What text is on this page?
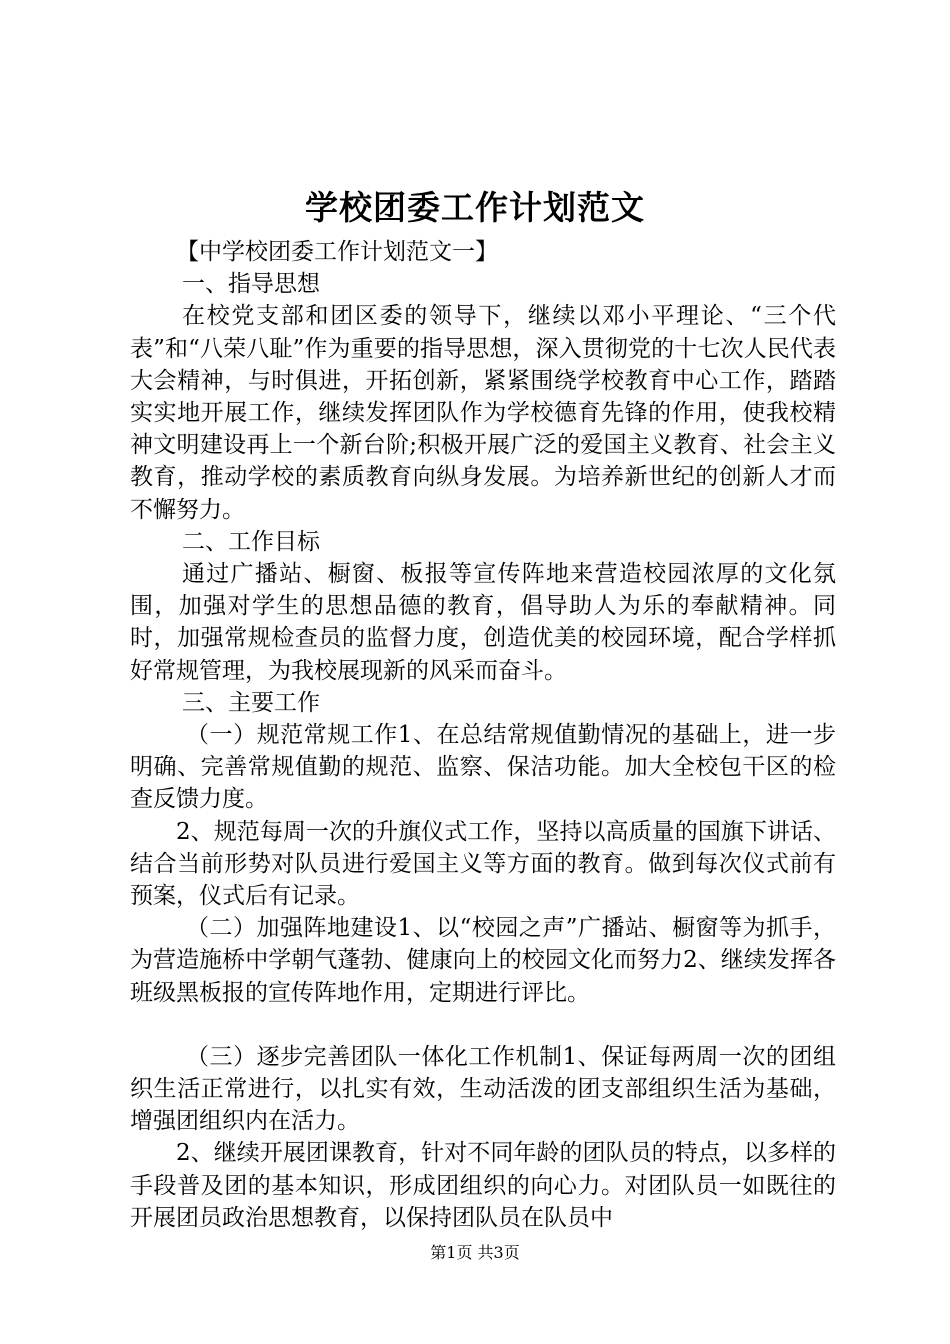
学校团委工作计划范文

【中学校团委工作计划范文一】

一、指导思想

在校党支部和团区委的领导下，继续以邓小平理论、“三个代表”和“八荣八耻”作为重要的指导思想，深入贯彻党的十七次人民代表大会精神，与时俱进，开拓创新，紧紧围绕学校教育中心工作，踏踏实实地开展工作，继续发挥团队作为学校德育先锋的作用，使我校精神文明建设再上一个新台阶;积极开展广泛的爱国主义教育、社会主义教育，推动学校的素质教育向纵身发展。为培养新世纪的创新人才而不懈努力。

二、工作目标

通过广播站、橱窗、板报等宣传阵地来营造校园浓厚的文化氛围，加强对学生的思想品德的教育，倡导助人为乐的奉献精神。同时，加强常规检查员的监督力度，创造优美的校园环境，配合学样抓好常规管理，为我校展现新的风采而奋斗。

三、主要工作

（一）规范常规工作1、在总结常规值勤情况的基础上，进一步明确、完善常规值勤的规范、监察、保洁功能。加大全校包干区的检查反馈力度。

2、规范每周一次的升旗仪式工作，坚持以高质量的国旗下讲话、结合当前形势对队员进行爱国主义等方面的教育。做到每次仪式前有预案，仪式后有记录。

（二）加强阵地建设1、以“校园之声”广播站、橱窗等为抓手，为营造施桥中学朝气蓬勃、健康向上的校园文化而努力2、继续发挥各班级黑板报的宣传阵地作用，定期进行评比。

（三）逐步完善团队一体化工作机制1、保证每两周一次的团组织生活正常进行，以扎实有效，生动活泼的团支部组织生活为基础，增强团组织内在活力。

2、继续开展团课教育，针对不同年龄的团队员的特点，以多样的手段普及团的基本知识，形成团组织的向心力。对团队员一如既往的开展团员政治思想教育，以保持团队员在队员中

第1页 共3页
